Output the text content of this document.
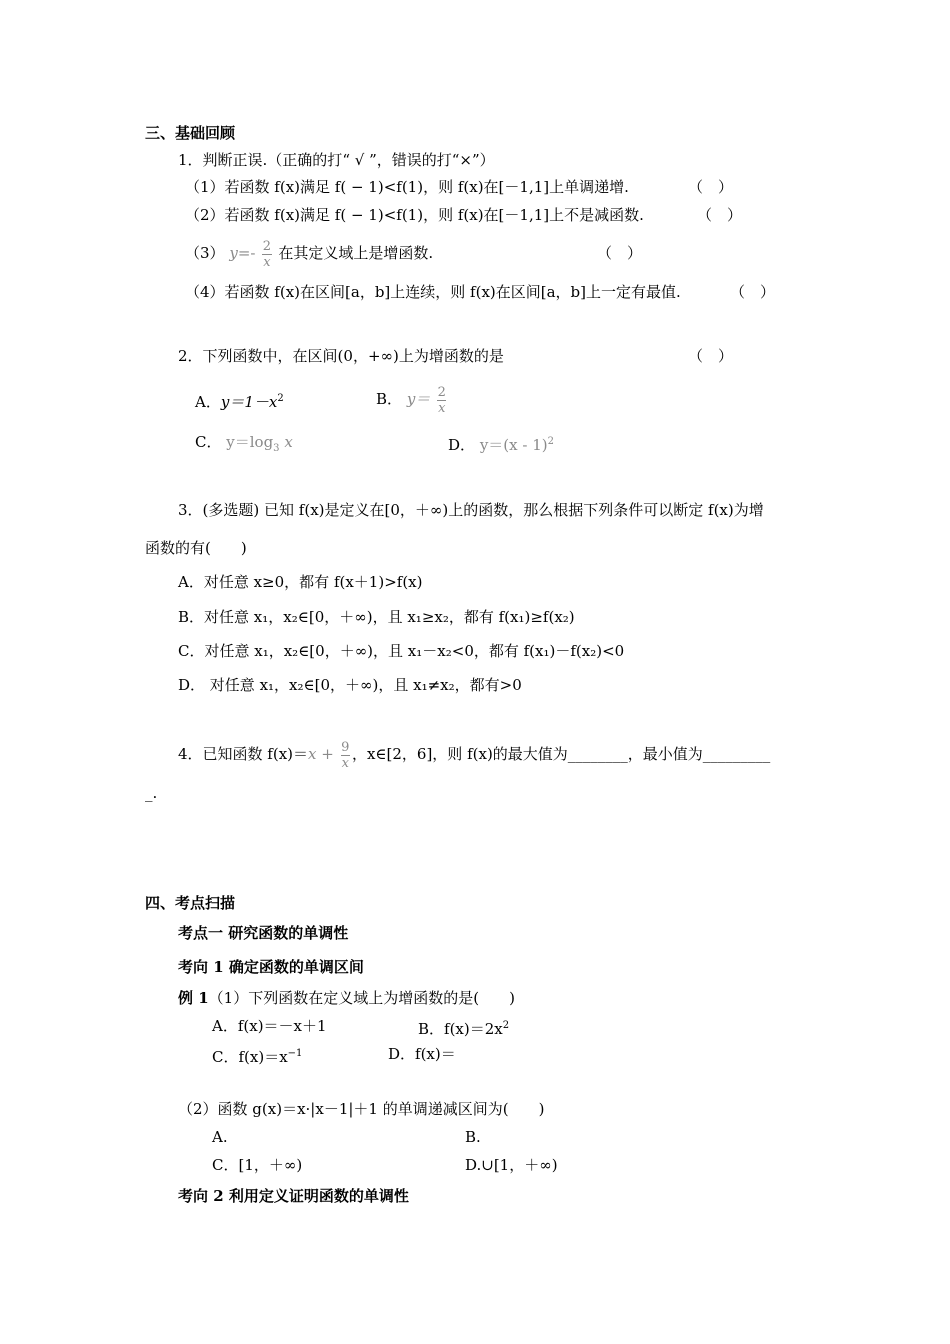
三、基础回顾
1．判断正误.（正确的打“ √ ”，错误的打“×”）
（1）若函数 f(x)满足 f( − 1)<f(1)，则 f(x)在[－1,1]上单调递增.	（　）
（2）若函数 f(x)满足 f( − 1)<f(1)，则 f(x)在[－1,1]上不是减函数.	（　）
（3） $y=- \frac{2}{x}$ 在其定义域上是增函数.	（　）
（4）若函数 f(x)在区间[a，b]上连续，则 f(x)在区间[a，b]上一定有最值.	（　）
2．下列函数中，在区间(0，+∞)上为增函数的是	（　）
A．$y=1-x^2$	B． $y= \frac{2}{x}$
C． $y=\log_3$ x	D． y＝(x - 1)$^2$
3．(多选题) 已知 f(x)是定义在[0，＋∞)上的函数，那么根据下列条件可以断定 f(x)为增
函数的有(　　)
A．对任意 x≥0，都有 f(x＋1)>f(x)
B．对任意 x₁，x₂∈[0，＋∞)，且 x₁≥x₂，都有 f(x₁)≥f(x₂)
C．对任意 x₁，x₂∈[0，＋∞)，且 x₁－x₂<0，都有 f(x₁)－f(x₂)<0
D． 对任意 x₁，x₂∈[0，＋∞)，且 x₁≠x₂，都有>0
4．已知函数 $f(x)=x + \frac{9}{x}$ ，x∈[2，6]，则 f(x)的最大值为________，最小值为_________
_.
四、考点扫描
考点一 研究函数的单调性
考向 1 确定函数的单调区间
例 1（1）下列函数在定义域上为增函数的是(　　)
A．f(x)＝－x＋1	B．$f(x)=2x^2$
C．$f(x)=x^{-1}$	D．f(x)＝
（2）函数 g(x)＝x·|x－1|＋1 的单调递减区间为(　　)
A.	B.
C．[1，＋∞)	D.∪[1，＋∞)
考向 2 利用定义证明函数的单调性
